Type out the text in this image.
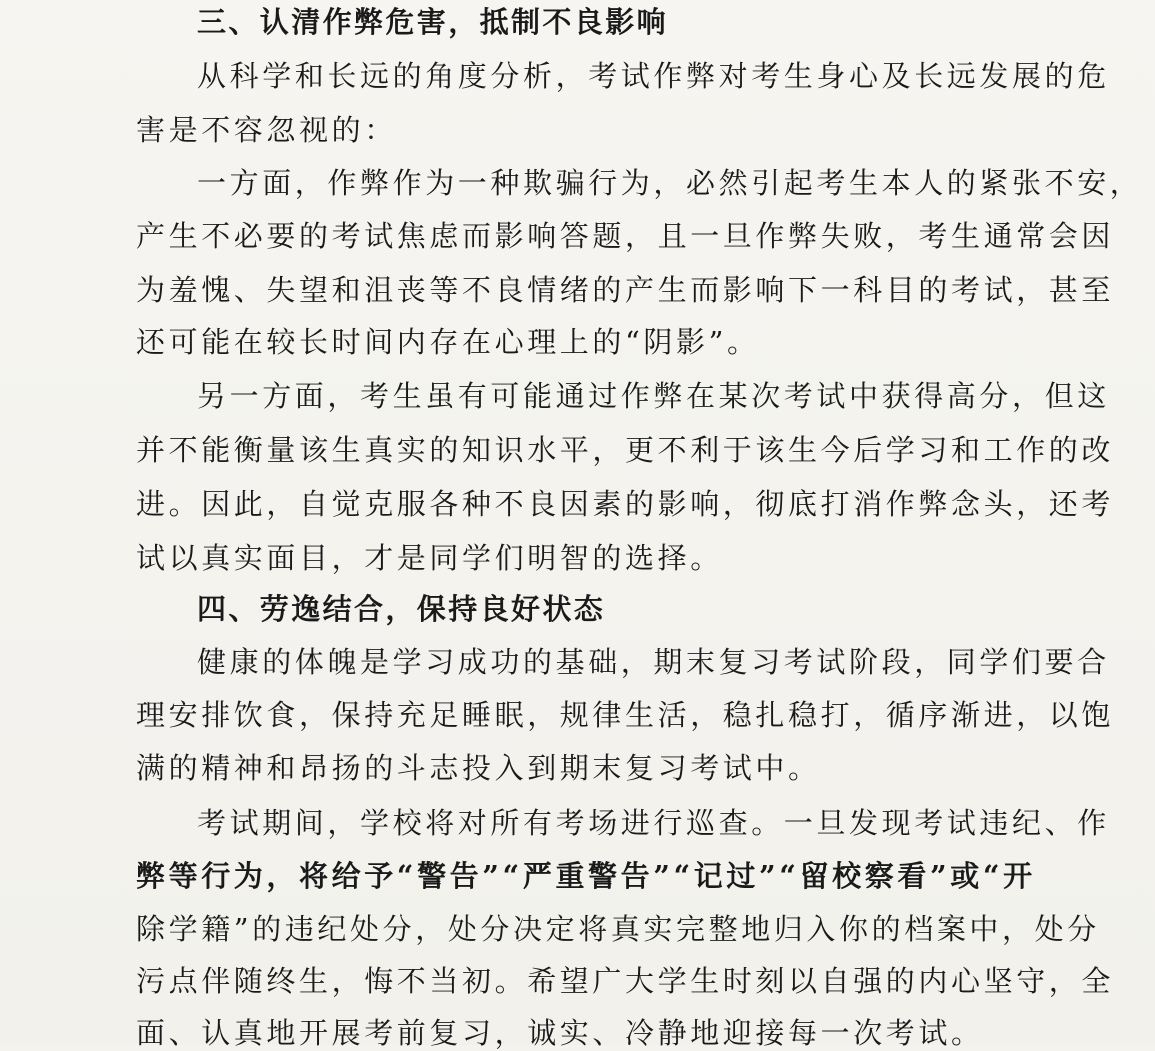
三、认清作弊危害，抵制不良影响
从科学和长远的角度分析，考试作弊对考生身心及长远发展的危
害是不容忽视的：
一方面，作弊作为一种欺骗行为，必然引起考生本人的紧张不安，
产生不必要的考试焦虑而影响答题，且一旦作弊失败，考生通常会因
为羞愧、失望和沮丧等不良情绪的产生而影响下一科目的考试，甚至
还可能在较长时间内存在心理上的“阴影”。
另一方面，考生虽有可能通过作弊在某次考试中获得高分，但这
并不能衡量该生真实的知识水平，更不利于该生今后学习和工作的改
进。因此，自觉克服各种不良因素的影响，彻底打消作弊念头，还考
试以真实面目，才是同学们明智的选择。
四、劳逸结合，保持良好状态
健康的体魄是学习成功的基础，期末复习考试阶段，同学们要合
理安排饮食，保持充足睡眠，规律生活，稳扎稳打，循序渐进，以饱
满的精神和昂扬的斗志投入到期末复习考试中。
考试期间，学校将对所有考场进行巡查。一旦发现考试违纪、作
弊等行为，将给予“警告”“严重警告”“记过”“留校察看”或“开
除学籍”的违纪处分，处分决定将真实完整地归入你的档案中，处分
污点伴随终生，悔不当初。希望广大学生时刻以自强的内心坚守，全
面、认真地开展考前复习，诚实、冷静地迎接每一次考试。
